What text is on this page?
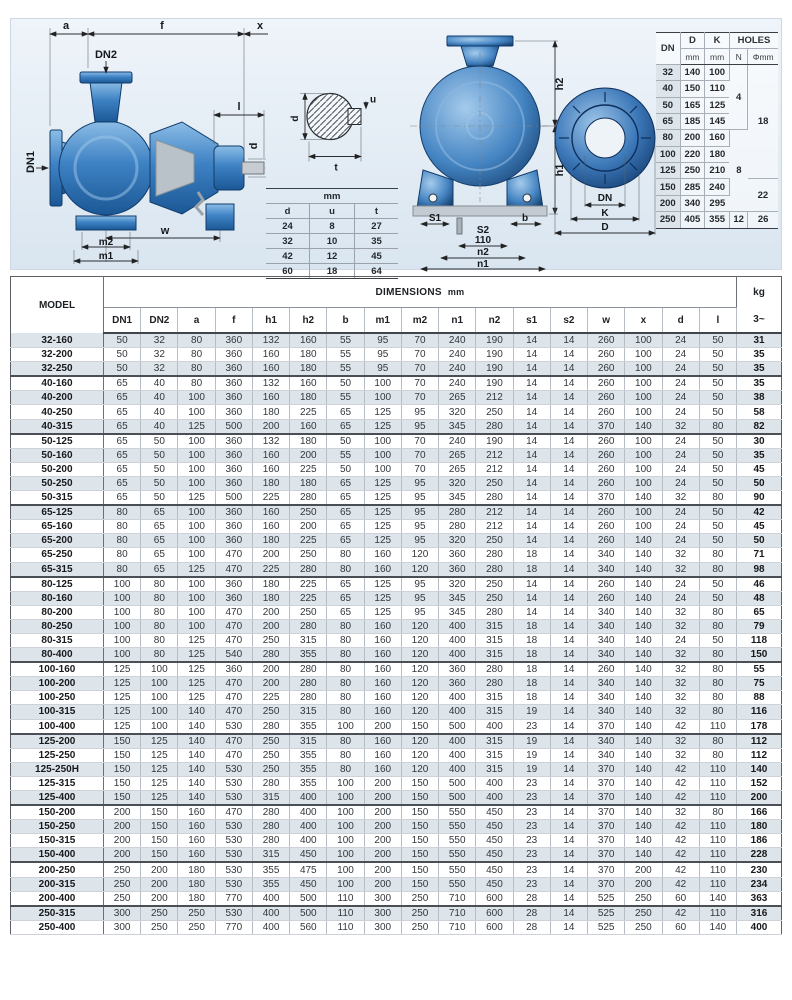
a	f	x
DN2
DN1
l
d
w
m2
m1
u
d
t
mm		
d	u	t
24	8	27
32	10	35
42	12	45
60	18	64
h2
h1
S1	b
S2
110
n2
n1
DN
K
D
DN	D	K	HOLES	
	mm	mm	N	Φmm
32	140	100	4	18
40	150	110		
50	165	125		
65	185	145		
80	200	160	8	
100	220	180		
125	250	210		
150	285	240		22
200	340	295		
250	405	355	12	26
MODEL	DIMENSIONS mm																	kg
	DN1	DN2	a	f	h1	h2	b	m1	m2	n1	n2	s1	s2	w	x	d	l	3~
32-160	50	32	80	360	132	160	55	95	70	240	190	14	14	260	100	24	50	31
32-200	50	32	80	360	160	180	55	95	70	240	190	14	14	260	100	24	50	35
32-250	50	32	80	360	160	180	55	95	70	240	190	14	14	260	100	24	50	35
40-160	65	40	80	360	132	160	50	100	70	240	190	14	14	260	100	24	50	35
40-200	65	40	100	360	160	180	55	100	70	265	212	14	14	260	100	24	50	38
40-250	65	40	100	360	180	225	65	125	95	320	250	14	14	260	100	24	50	58
40-315	65	40	125	500	200	160	65	125	95	345	280	14	14	370	140	32	80	82
50-125	65	50	100	360	132	180	50	100	70	240	190	14	14	260	100	24	50	30
50-160	65	50	100	360	160	200	55	100	70	265	212	14	14	260	100	24	50	35
50-200	65	50	100	360	160	225	50	100	70	265	212	14	14	260	100	24	50	45
50-250	65	50	100	360	180	180	65	125	95	320	250	14	14	260	100	24	50	50
50-315	65	50	125	500	225	280	65	125	95	345	280	14	14	370	140	32	80	90
65-125	80	65	100	360	160	250	65	125	95	280	212	14	14	260	100	24	50	42
65-160	80	65	100	360	160	200	65	125	95	280	212	14	14	260	100	24	50	45
65-200	80	65	100	360	180	225	65	125	95	320	250	14	14	260	140	24	50	50
65-250	80	65	100	470	200	250	80	160	120	360	280	18	14	340	140	32	80	71
65-315	80	65	125	470	225	280	80	160	120	360	280	18	14	340	140	32	80	98
80-125	100	80	100	360	180	225	65	125	95	320	250	14	14	260	140	24	50	46
80-160	100	80	100	360	180	225	65	125	95	345	250	14	14	260	140	24	50	48
80-200	100	80	100	470	200	250	65	125	95	345	280	14	14	340	140	32	80	65
80-250	100	80	100	470	200	280	80	160	120	400	315	18	14	340	140	32	80	79
80-315	100	80	125	470	250	315	80	160	120	400	315	18	14	340	140	24	50	118
80-400	100	80	125	540	280	355	80	160	120	400	315	18	14	340	140	32	80	150
100-160	125	100	125	360	200	280	80	160	120	360	280	18	14	260	140	32	80	55
100-200	125	100	125	470	200	280	80	160	120	360	280	18	14	340	140	32	80	75
100-250	125	100	125	470	225	280	80	160	120	400	315	18	14	340	140	32	80	88
100-315	125	100	140	470	250	315	80	160	120	400	315	19	14	340	140	32	80	116
100-400	125	100	140	530	280	355	100	200	150	500	400	23	14	370	140	42	110	178
125-200	150	125	140	470	250	315	80	160	120	400	315	19	14	340	140	32	80	112
125-250	150	125	140	470	250	355	80	160	120	400	315	19	14	340	140	32	80	112
125-250H	150	125	140	530	250	355	80	160	120	400	315	19	14	370	140	42	110	140
125-315	150	125	140	530	280	355	100	200	150	500	400	23	14	370	140	42	110	152
125-400	150	125	140	530	315	400	100	200	150	500	400	23	14	370	140	42	110	200
150-200	200	150	160	470	280	400	100	200	150	550	450	23	14	370	140	32	80	166
150-250	200	150	160	530	280	400	100	200	150	550	450	23	14	370	140	42	110	180
150-315	200	150	160	530	280	400	100	200	150	550	450	23	14	370	140	42	110	186
150-400	200	150	160	530	315	450	100	200	150	550	450	23	14	370	140	42	110	228
200-250	250	200	180	530	355	475	100	200	150	550	450	23	14	370	200	42	110	230
200-315	250	200	180	530	355	450	100	200	150	550	450	23	14	370	200	42	110	234
200-400	250	200	180	770	400	500	110	300	250	710	600	28	14	525	250	60	140	363
250-315	300	250	250	530	400	500	110	300	250	710	600	28	14	525	250	42	110	316
250-400	300	250	250	770	400	560	110	300	250	710	600	28	14	525	250	60	140	400
